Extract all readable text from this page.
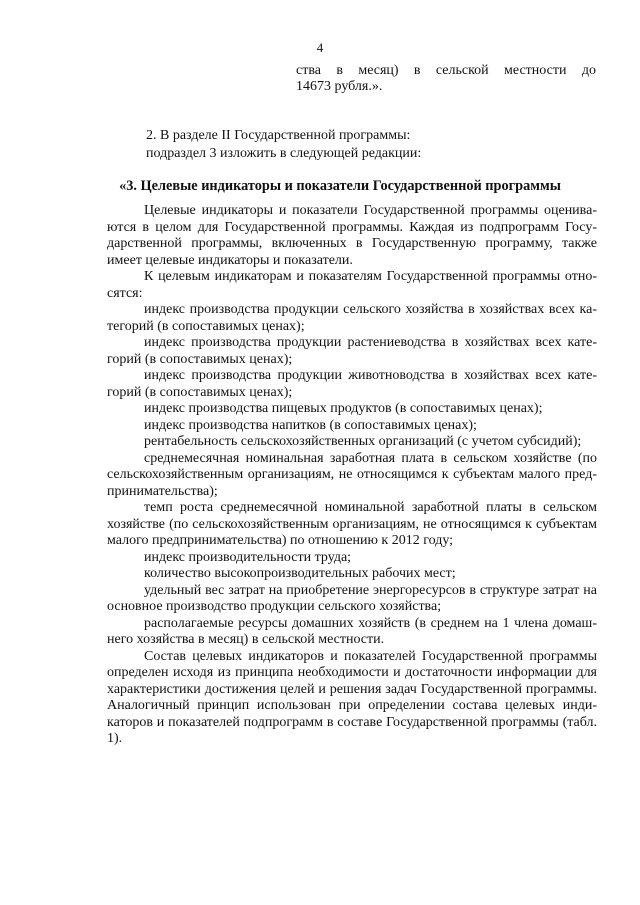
4
ства в месяц) в сельской местности до
14673 рубля.».
2. В разделе II Государственной программы:
подраздел 3 изложить в следующей редакции:
«3. Целевые индикаторы и показатели Государственной программы

Целевые индикаторы и показатели Государственной программы оцениваются в целом для Государственной программы. Каждая из подпрограмм Государственной программы, включенных в Государственную программу, также имеет целевые индикаторы и показатели.

К целевым индикаторам и показателям Государственной программы относятся:

индекс производства продукции сельского хозяйства в хозяйствах всех категорий (в сопоставимых ценах);

индекс производства продукции растениеводства в хозяйствах всех категорий (в сопоставимых ценах);

индекс производства продукции животноводства в хозяйствах всех категорий (в сопоставимых ценах);

индекс производства пищевых продуктов (в сопоставимых ценах);

индекс производства напитков (в сопоставимых ценах);

рентабельность сельскохозяйственных организаций (с учетом субсидий);

среднемесячная номинальная заработная плата в сельском хозяйстве (по сельскохозяйственным организациям, не относящимся к субъектам малого предпринимательства);

темп роста среднемесячной номинальной заработной платы в сельском хозяйстве (по сельскохозяйственным организациям, не относящимся к субъектам малого предпринимательства) по отношению к 2012 году;

индекс производительности труда;

количество высокопроизводительных рабочих мест;

удельный вес затрат на приобретение энергоресурсов в структуре затрат на основное производство продукции сельского хозяйства;

располагаемые ресурсы домашних хозяйств (в среднем на 1 члена домашнего хозяйства в месяц) в сельской местности.

Состав целевых индикаторов и показателей Государственной программы определен исходя из принципа необходимости и достаточности информации для характеристики достижения целей и решения задач Государственной программы. Аналогичный принцип использован при определении состава целевых индикаторов и показателей подпрограмм в составе Государственной программы (табл. 1).
